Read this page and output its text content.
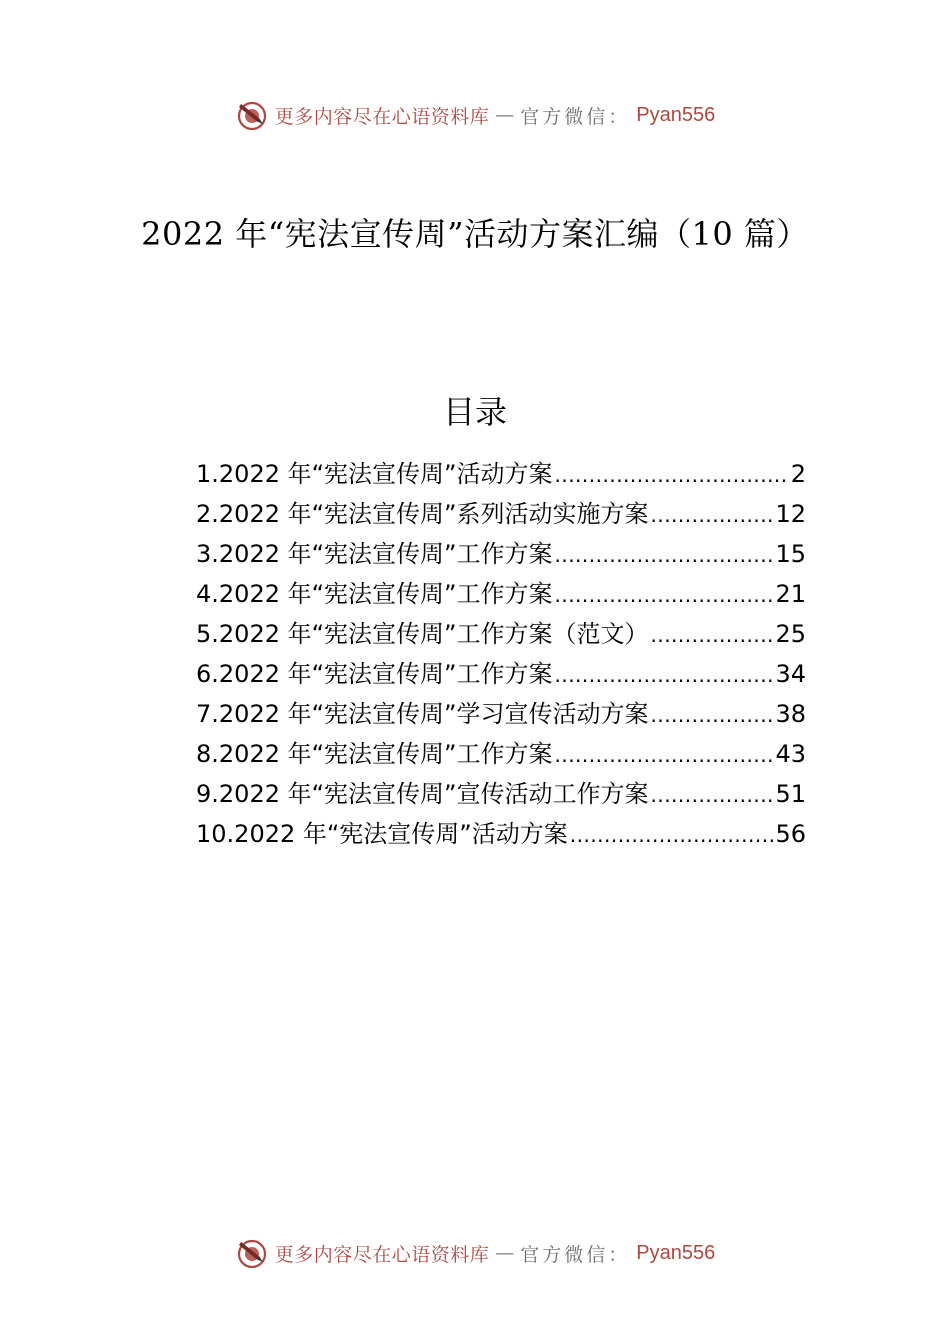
更多内容尽在心语资料库 — 官方微信： Pyan556
2022 年“宪法宣传周”活动方案汇编（10 篇）
目录
1.2022 年“宪法宣传周”活动方案 .....	2
2.2022 年“宪法宣传周”系列活动实施方案 .....	12
3.2022 年“宪法宣传周”工作方案 .....	15
4.2022 年“宪法宣传周”工作方案 .....	21
5.2022 年“宪法宣传周”工作方案（范文） .....	25
6.2022 年“宪法宣传周”工作方案 .....	34
7.2022 年“宪法宣传周”学习宣传活动方案 .....	38
8.2022 年“宪法宣传周”工作方案 .....	43
9.2022 年“宪法宣传周”宣传活动工作方案 .....	51
10.2022 年“宪法宣传周”活动方案 .....	56
更多内容尽在心语资料库 — 官方微信： Pyan556
